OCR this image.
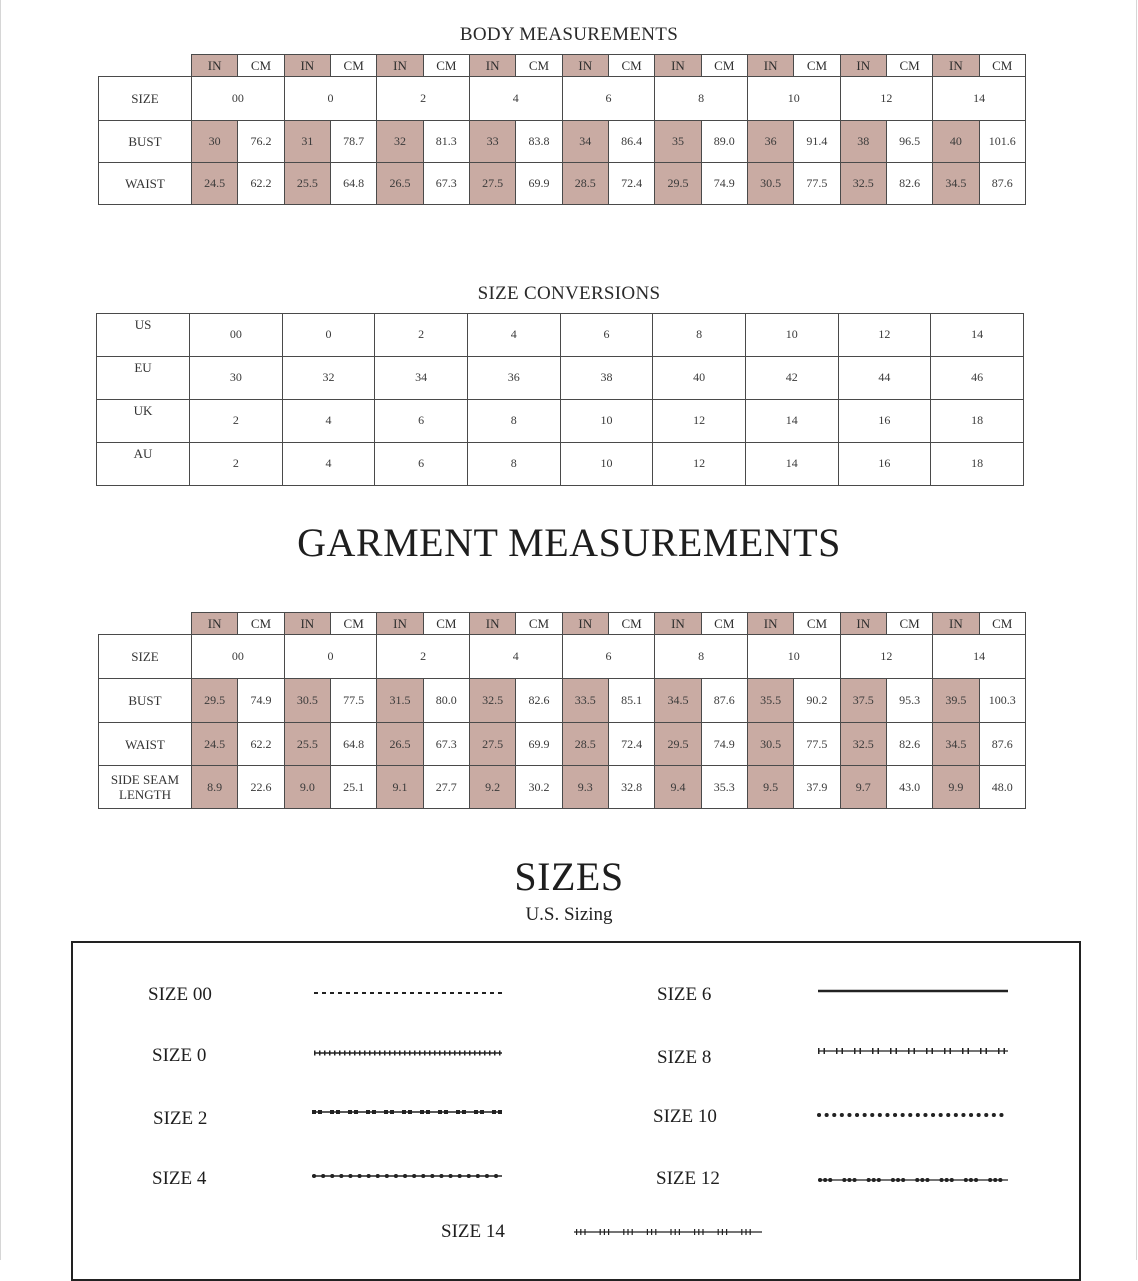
BODY MEASUREMENTS
	IN	CM	IN	CM	IN	CM	IN	CM	IN	CM	IN	CM	IN	CM	IN	CM	IN	CM
SIZE	00		0		2		4		6		8		10		12		14	
BUST	30	76.2	31	78.7	32	81.3	33	83.8	34	86.4	35	89.0	36	91.4	38	96.5	40	101.6
WAIST	24.5	62.2	25.5	64.8	26.5	67.3	27.5	69.9	28.5	72.4	29.5	74.9	30.5	77.5	32.5	82.6	34.5	87.6
SIZE CONVERSIONS
US	00	0	2	4	6	8	10	12	14
EU	30	32	34	36	38	40	42	44	46
UK	2	4	6	8	10	12	14	16	18
AU	2	4	6	8	10	12	14	16	18
GARMENT MEASUREMENTS
	IN	CM	IN	CM	IN	CM	IN	CM	IN	CM	IN	CM	IN	CM	IN	CM	IN	CM
SIZE	00		0		2		4		6		8		10		12		14	
BUST	29.5	74.9	30.5	77.5	31.5	80.0	32.5	82.6	33.5	85.1	34.5	87.6	35.5	90.2	37.5	95.3	39.5	100.3
WAIST	24.5	62.2	25.5	64.8	26.5	67.3	27.5	69.9	28.5	72.4	29.5	74.9	30.5	77.5	32.5	82.6	34.5	87.6
SIDE SEAM
LENGTH	8.9	22.6	9.0	25.1	9.1	27.7	9.2	30.2	9.3	32.8	9.4	35.3	9.5	37.9	9.7	43.0	9.9	48.0
SIZES
U.S. Sizing
SIZE 00
SIZE 0
SIZE 2
SIZE 4
SIZE 6
SIZE 8
SIZE 10
SIZE 12
SIZE 14
